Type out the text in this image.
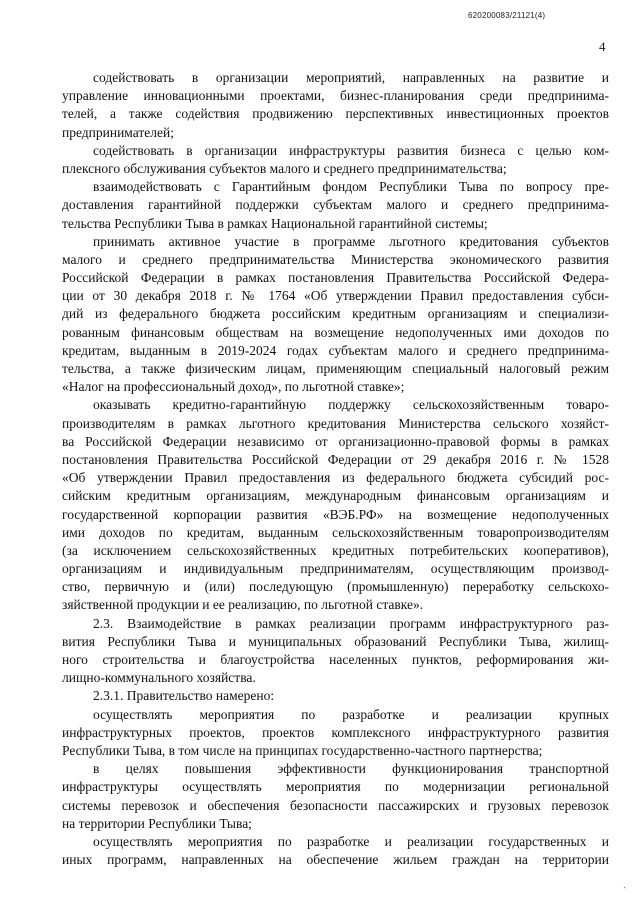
620200083/21121(4)
4
содействовать в организации мероприятий, направленных на развитие и
управление инновационными проектами, бизнес-планирования среди предпринима-
телей, а также содействия продвижению перспективных инвестиционных проектов
предпринимателей;
содействовать в организации инфраструктуры развития бизнеса с целью ком-
плексного обслуживания субъектов малого и среднего предпринимательства;
взаимодействовать с Гарантийным фондом Республики Тыва по вопросу пре-
доставления гарантийной поддержки субъектам малого и среднего предпринима-
тельства Республики Тыва в рамках Национальной гарантийной системы;
принимать активное участие в программе льготного кредитования субъектов
малого и среднего предпринимательства Министерства экономического развития
Российской Федерации в рамках постановления Правительства Российской Федера-
ции от 30 декабря 2018 г. № 1764 «Об утверждении Правил предоставления субси-
дий из федерального бюджета российским кредитным организациям и специализи-
рованным финансовым обществам на возмещение недополученных ими доходов по
кредитам, выданным в 2019-2024 годах субъектам малого и среднего предпринима-
тельства, а также физическим лицам, применяющим специальный налоговый режим
«Налог на профессиональный доход», по льготной ставке»;
оказывать кредитно-гарантийную поддержку сельскохозяйственным товаро-
производителям в рамках льготного кредитования Министерства сельского хозяйст-
ва Российской Федерации независимо от организационно-правовой формы в рамках
постановления Правительства Российской Федерации от 29 декабря 2016 г. № 1528
«Об утверждении Правил предоставления из федерального бюджета субсидий рос-
сийским кредитным организациям, международным финансовым организациям и
государственной корпорации развития «ВЭБ.РФ» на возмещение недополученных
ими доходов по кредитам, выданным сельскохозяйственным товаропроизводителям
(за исключением сельскохозяйственных кредитных потребительских кооперативов),
организациям и индивидуальным предпринимателям, осуществляющим производ-
ство, первичную и (или) последующую (промышленную) переработку сельскохо-
зяйственной продукции и ее реализацию, по льготной ставке».
2.3. Взаимодействие в рамках реализации программ инфраструктурного раз-
вития Республики Тыва и муниципальных образований Республики Тыва, жилищ-
ного строительства и благоустройства населенных пунктов, реформирования жи-
лищно-коммунального хозяйства.
2.3.1. Правительство намерено:
осуществлять мероприятия по разработке и реализации крупных
инфраструктурных проектов, проектов комплексного инфраструктурного развития
Республики Тыва, в том числе на принципах государственно-частного партнерства;
в целях повышения эффективности функционирования транспортной
инфраструктуры осуществлять мероприятия по модернизации региональной
системы перевозок и обеспечения безопасности пассажирских и грузовых перевозок
на территории Республики Тыва;
осуществлять мероприятия по разработке и реализации государственных и
иных программ, направленных на обеспечение жильем граждан на территории
ˏ
